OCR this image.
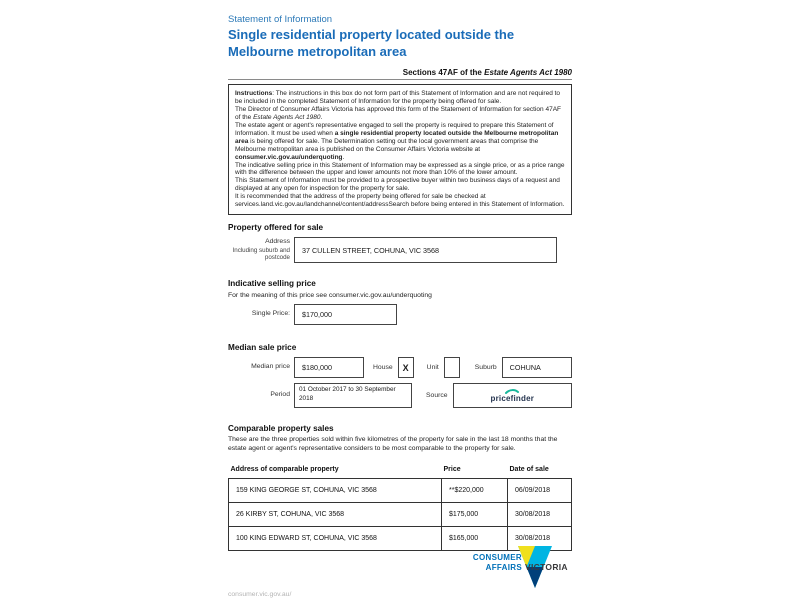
Statement of Information
Single residential property located outside the Melbourne metropolitan area
Sections 47AF of the Estate Agents Act 1980

Instructions: The instructions in this box do not form part of this Statement of Information and are not required to be included in the completed Statement of Information for the property being offered for sale.

The Director of Consumer Affairs Victoria has approved this form of the Statement of Information for section 47AF of the Estate Agents Act 1980.

The estate agent or agent's representative engaged to sell the property is required to prepare this Statement of Information. It must be used when a single residential property located outside the Melbourne metropolitan area is being offered for sale. The Determination setting out the local government areas that comprise the Melbourne metropolitan area is published on the Consumer Affairs Victoria website at consumer.vic.gov.au/underquoting.

The indicative selling price in this Statement of Information may be expressed as a single price, or as a price range with the difference between the upper and lower amounts not more than 10% of the lower amount.

This Statement of Information must be provided to a prospective buyer within two business days of a request and displayed at any open for inspection for the property for sale.

It is recommended that the address of the property being offered for sale be checked at services.land.vic.gov.au/landchannel/content/addressSearch before being entered in this Statement of Information.

Property offered for sale
Address
Including suburb and postcode
37 CULLEN STREET, COHUNA, VIC 3568
Indicative selling price
For the meaning of this price see consumer.vic.gov.au/underquoting
Single Price:	$170,000
Median sale price
Median price	$180,000	House	X	Unit	Suburb	COHUNA
Period
01 October 2017 to 30 September 2018	Source	pricefinder
Comparable property sales
These are the three properties sold within five kilometres of the property for sale in the last 18 months that the estate agent or agent's representative considers to be most comparable to the property for sale.
Address of comparable property	Price	Date of sale
159 KING GEORGE ST, COHUNA, VIC 3568	**$220,000	06/09/2018
26 KIRBY ST, COHUNA, VIC 3568	$175,000	30/08/2018
100 KING EDWARD ST, COHUNA, VIC 3568	$165,000	30/08/2018
CONSUMER
AFFAIRS VICTORIA
consumer.vic.gov.au/
